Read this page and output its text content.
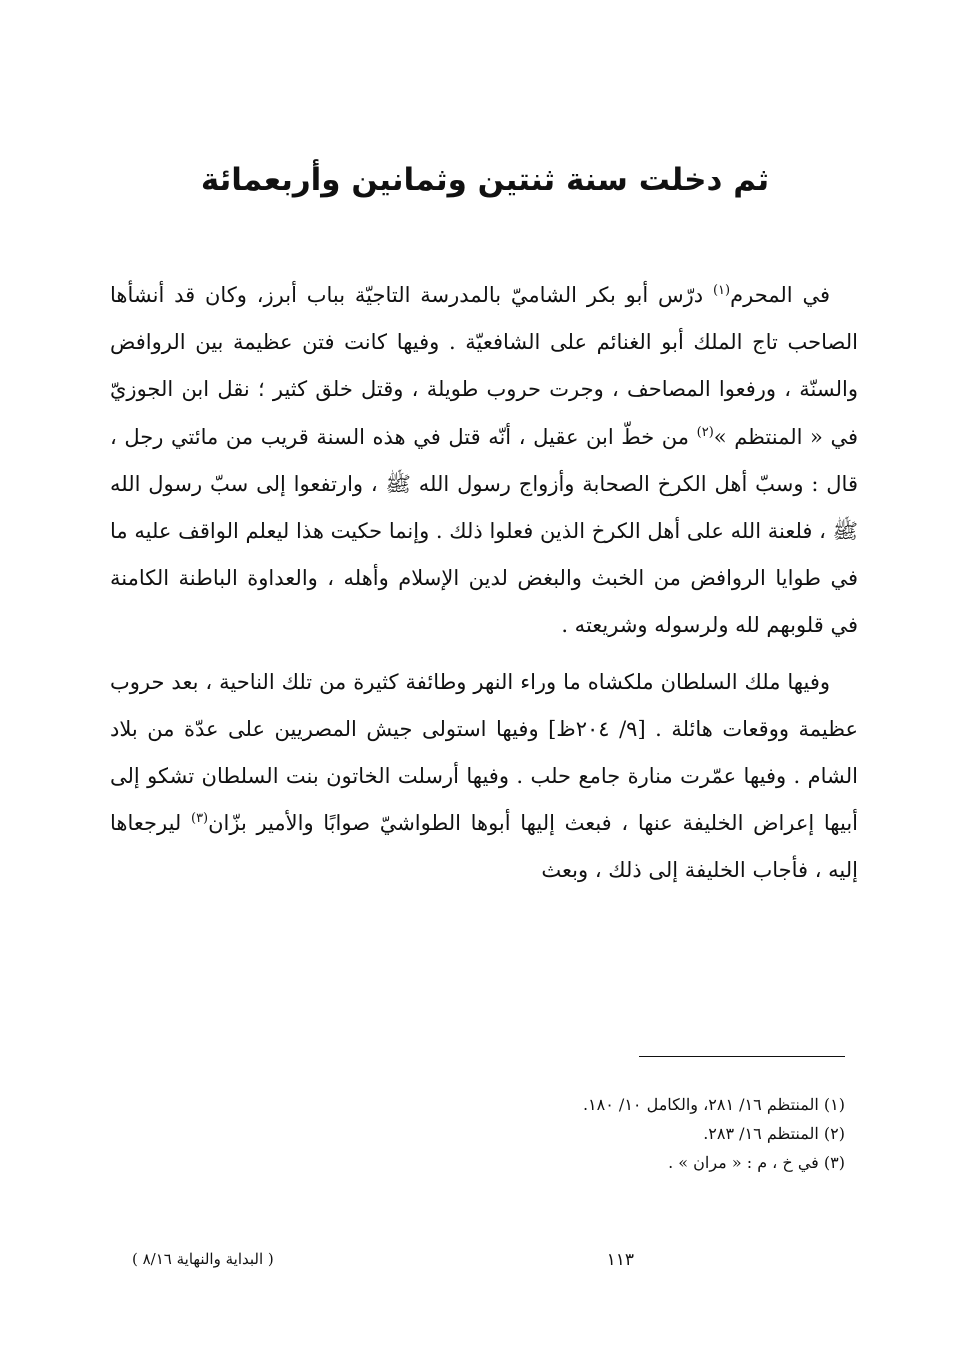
ثم دخلت سنة ثنتين وثمانين وأربعمائة

في المحرم$^{(١)}$ درّس أبو بكر الشاميّ بالمدرسة التاجيّة بباب أبرز، وكان قد أنشأها الصاحب تاج الملك أبو الغنائم على الشافعيّة . وفيها كانت فتن عظيمة بين الروافض والسنّة ، ورفعوا المصاحف ، وجرت حروب طويلة ، وقتل خلق كثير ؛ نقل ابن الجوزيّ في « المنتظم »$^{(٢)}$ من خطّ ابن عقيل ، أنّه قتل في هذه السنة قريب من مائتي رجل ، قال : وسبّ أهل الكرخ الصحابة وأزواج رسول الله ﷺ ، وارتفعوا إلى سبّ رسول الله ﷺ ، فلعنة الله على أهل الكرخ الذين فعلوا ذلك . وإنما حكيت هذا ليعلم الواقف عليه ما في طوايا الروافض من الخبث والبغض لدين الإسلام وأهله ، والعداوة الباطنة الكامنة في قلوبهم لله ولرسوله وشريعته .

وفيها ملك السلطان ملكشاه ما وراء النهر وطائفة كثيرة من تلك الناحية ، بعد حروب عظيمة ووقعات هائلة . [٩/ ٢٠٤ظ] وفيها استولى جيش المصريين على عدّة من بلاد الشام . وفيها عمّرت منارة جامع حلب . وفيها أرسلت الخاتون بنت السلطان تشكو إلى أبيها إعراض الخليفة عنها ، فبعث إليها أبوها الطواشيّ صوابًا والأمير بزّان$^{(٣)}$ ليرجعاها إليه ، فأجاب الخليفة إلى ذلك ، وبعث

(١) المنتظم ١٦/ ٢٨١، والكامل ١٠/ ١٨٠.

(٢) المنتظم ١٦/ ٢٨٣.

(٣) في خ ، م : « مران » .

١١٣
( البداية والنهاية ٨/١٦ )
